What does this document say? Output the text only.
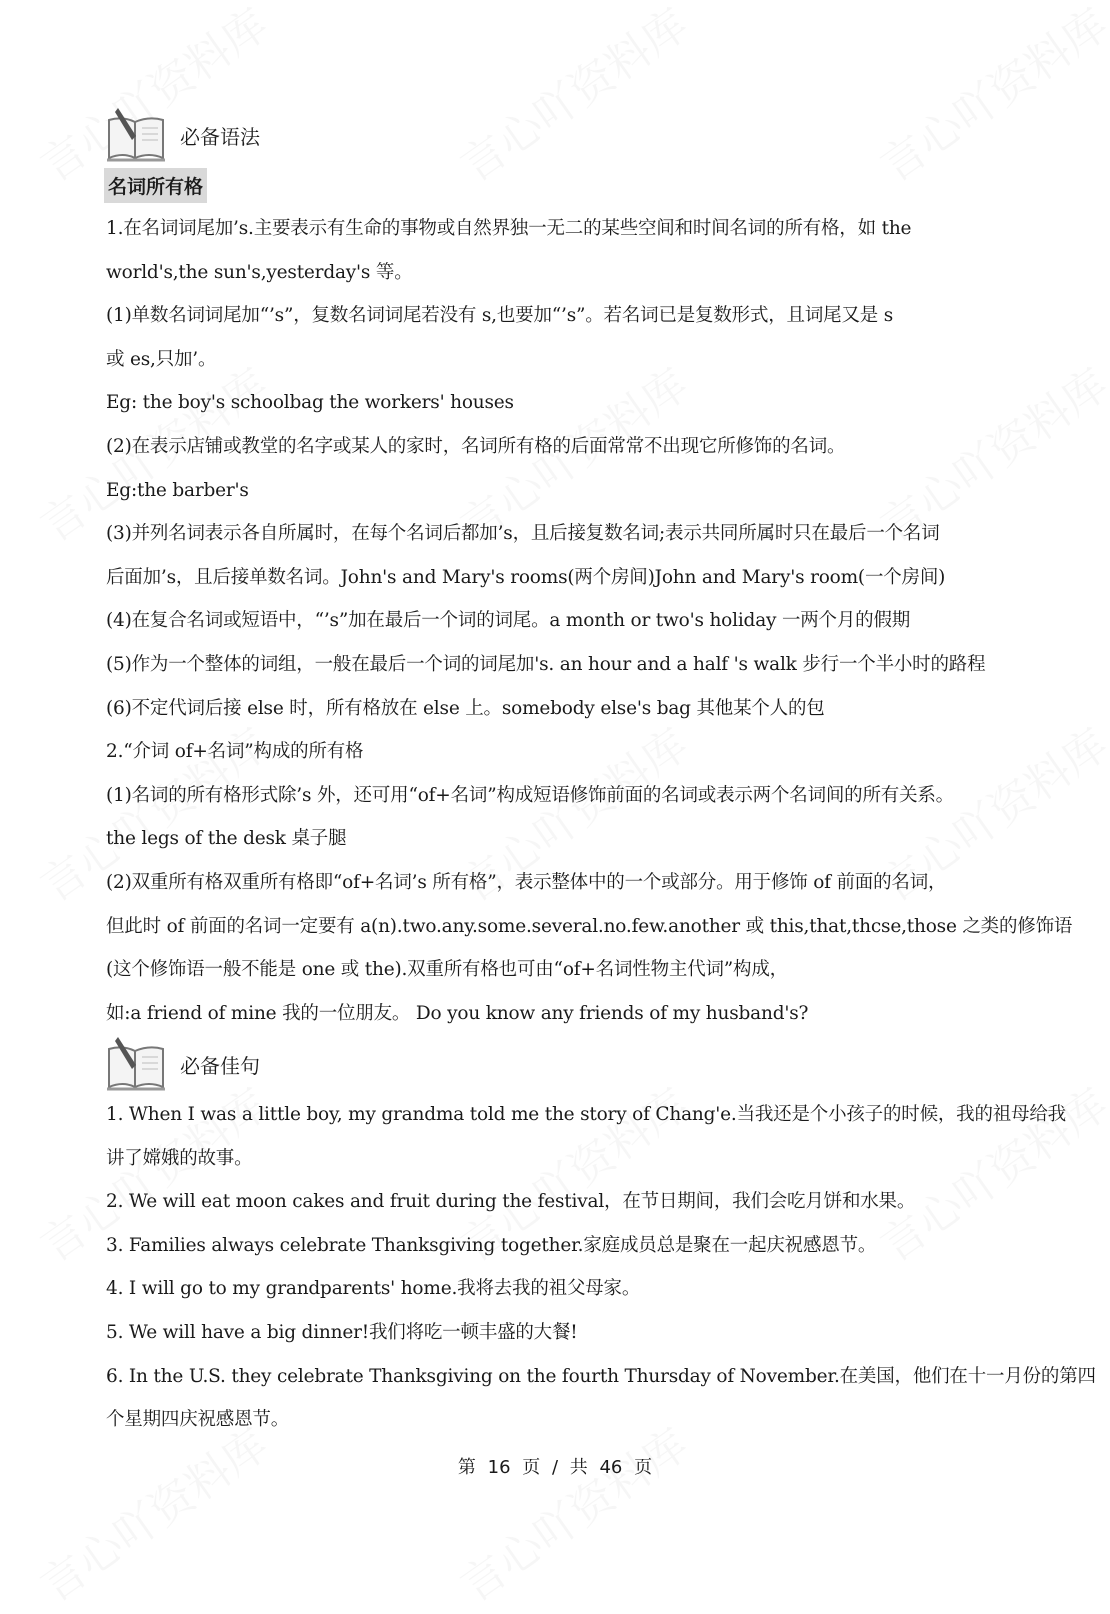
必备语法
名词所有格
1.在名词词尾加’s.主要表示有生命的事物或自然界独一无二的某些空间和时间名词的所有格，如 the
world's,the sun's,yesterday's 等。
(1)单数名词词尾加“’s”，复数名词词尾若没有 s,也要加“’s”。若名词已是复数形式，且词尾又是 s
或 es,只加’。
Eg: the boy's schoolbag the workers' houses
(2)在表示店铺或教堂的名字或某人的家时，名词所有格的后面常常不出现它所修饰的名词。
Eg:the barber's
(3)并列名词表示各自所属时，在每个名词后都加’s，且后接复数名词;表示共同所属时只在最后一个名词
后面加’s，且后接单数名词。John's and Mary's rooms(两个房间)John and Mary's room(一个房间)
(4)在复合名词或短语中，“’s”加在最后一个词的词尾。a month or two's holiday 一两个月的假期
(5)作为一个整体的词组，一般在最后一个词的词尾加's. an hour and a half 's walk 步行一个半小时的路程
(6)不定代词后接 else 时，所有格放在 else 上。somebody else's bag 其他某个人的包
2.“介词 of+名词”构成的所有格
(1)名词的所有格形式除’s 外，还可用“of+名词”构成短语修饰前面的名词或表示两个名词间的所有关系。
the legs of the desk 桌子腿
(2)双重所有格双重所有格即“of+名词’s 所有格”，表示整体中的一个或部分。用于修饰 of 前面的名词，
但此时 of 前面的名词一定要有 a(n).two.any.some.several.no.few.another 或 this,that,thcse,those 之类的修饰语
(这个修饰语一般不能是 one 或 the).双重所有格也可由“of+名词性物主代词”构成，
如:a friend of mine 我的一位朋友。 Do you know any friends of my husband's?
必备佳句
1. When I was a little boy, my grandma told me the story of Chang'e.当我还是个小孩子的时候，我的祖母给我
讲了嫦娥的故事。
2. We will eat moon cakes and fruit during the festival，在节日期间，我们会吃月饼和水果。
3. Families always celebrate Thanksgiving together.家庭成员总是聚在一起庆祝感恩节。
4. I will go to my grandparents' home.我将去我的祖父母家。
5. We will have a big dinner!我们将吃一顿丰盛的大餐!
6. In the U.S. they celebrate Thanksgiving on the fourth Thursday of November.在美国，他们在十一月份的第四
个星期四庆祝感恩节。
第 16 页 / 共 46 页
